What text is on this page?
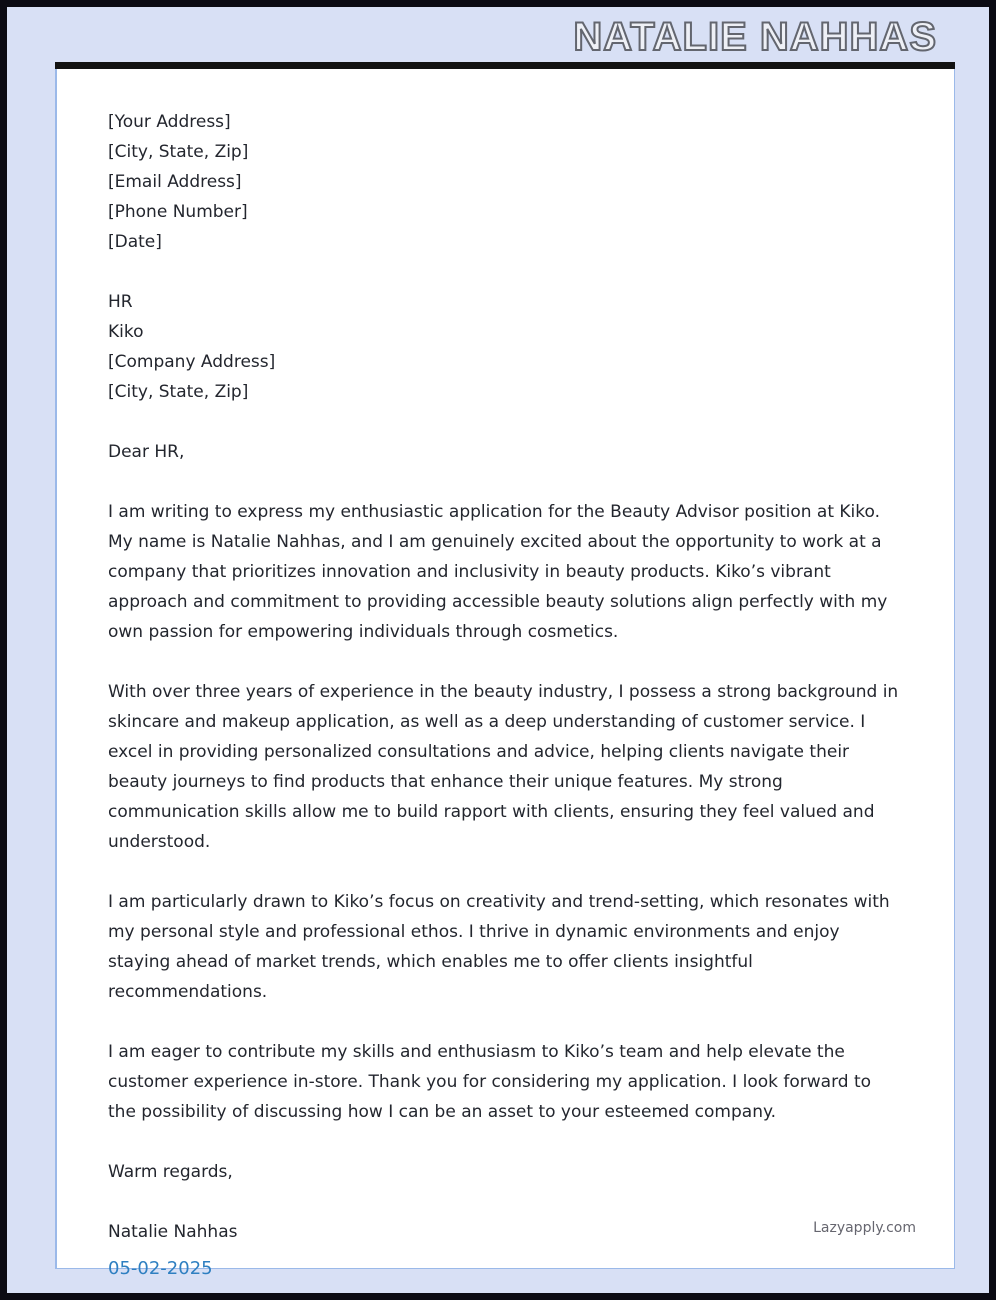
NATALIE NAHHAS
[Your Address]
[City, State, Zip]
[Email Address]
[Phone Number]
[Date]
HR
Kiko
[Company Address]
[City, State, Zip]
Dear HR,

I am writing to express my enthusiastic application for the Beauty Advisor position at Kiko. My name is Natalie Nahhas, and I am genuinely excited about the opportunity to work at a company that prioritizes innovation and inclusivity in beauty products. Kiko’s vibrant approach and commitment to providing accessible beauty solutions align perfectly with my own passion for empowering individuals through cosmetics.

With over three years of experience in the beauty industry, I possess a strong background in skincare and makeup application, as well as a deep understanding of customer service. I excel in providing personalized consultations and advice, helping clients navigate their beauty journeys to find products that enhance their unique features. My strong communication skills allow me to build rapport with clients, ensuring they feel valued and understood.

I am particularly drawn to Kiko’s focus on creativity and trend-setting, which resonates with my personal style and professional ethos. I thrive in dynamic environments and enjoy staying ahead of market trends, which enables me to offer clients insightful recommendations.

I am eager to contribute my skills and enthusiasm to Kiko’s team and help elevate the customer experience in-store. Thank you for considering my application. I look forward to the possibility of discussing how I can be an asset to your esteemed company.

Warm regards,
Natalie Nahhas
05-02-2025
Lazyapply.com
